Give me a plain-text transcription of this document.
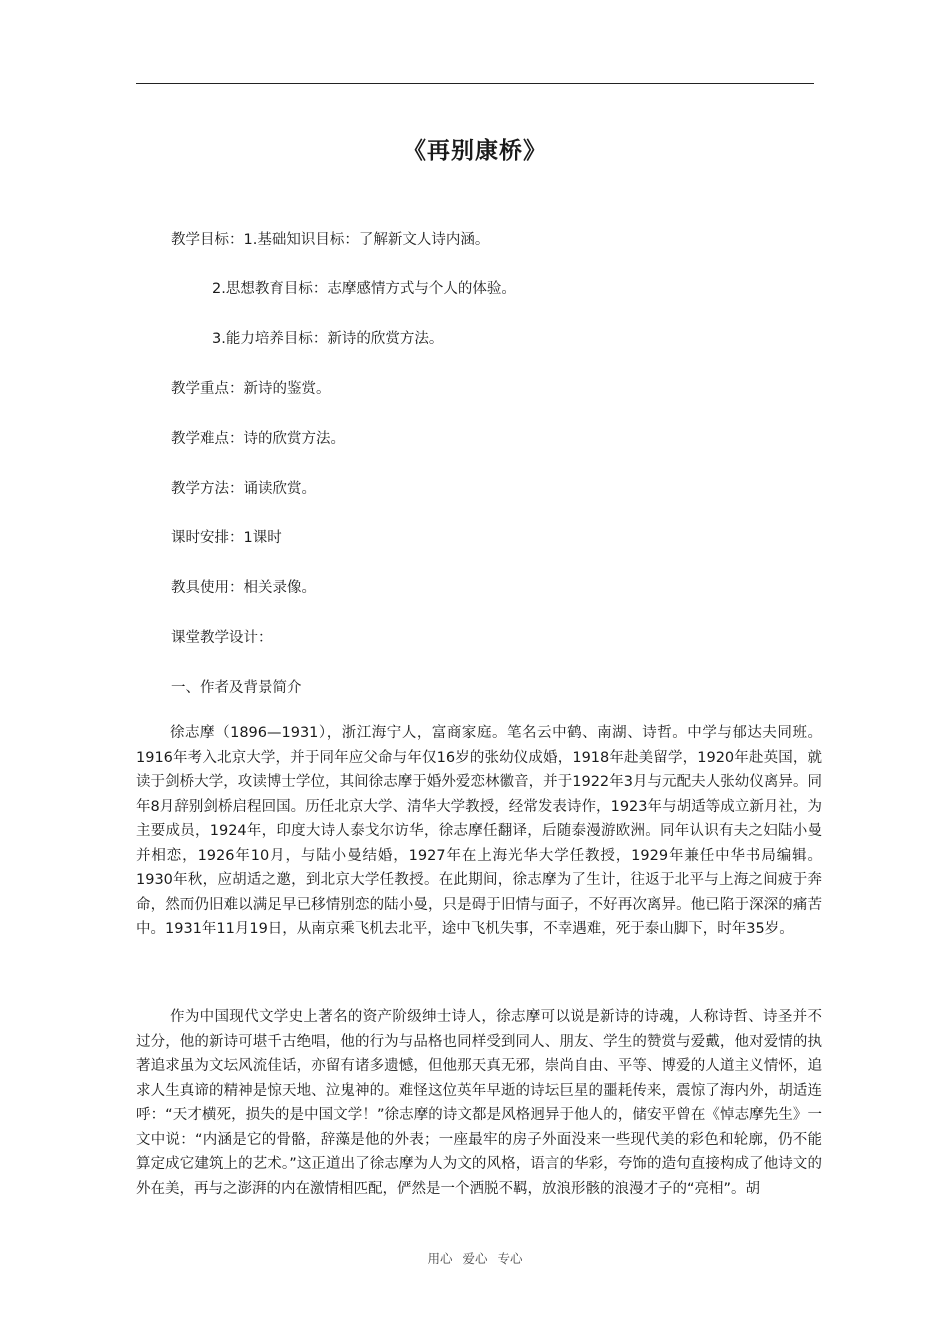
《再别康桥》
教学目标：1.基础知识目标：了解新文人诗内涵。
2.思想教育目标：志摩感情方式与个人的体验。
3.能力培养目标：新诗的欣赏方法。
教学重点：新诗的鉴赏。
教学难点：诗的欣赏方法。
教学方法：诵读欣赏。
课时安排：1课时
教具使用：相关录像。
课堂教学设计：
一、作者及背景简介

徐志摩（1896—1931），浙江海宁人，富商家庭。笔名云中鹤、南湖、诗哲。中学与郁达夫同班。1916年考入北京大学，并于同年应父命与年仅16岁的张幼仪成婚，1918年赴美留学，1920年赴英国，就读于剑桥大学，攻读博士学位，其间徐志摩于婚外爱恋林徽音，并于1922年3月与元配夫人张幼仪离异。同年8月辞别剑桥启程回国。历任北京大学、清华大学教授，经常发表诗作，1923年与胡适等成立新月社，为主要成员，1924年，印度大诗人泰戈尔访华，徐志摩任翻译，后随泰漫游欧洲。同年认识有夫之妇陆小曼并相恋，1926年10月，与陆小曼结婚，1927年在上海光华大学任教授，1929年兼任中华书局编辑。1930年秋，应胡适之邀，到北京大学任教授。在此期间，徐志摩为了生计，往返于北平与上海之间疲于奔命，然而仍旧难以满足早已移情别恋的陆小曼，只是碍于旧情与面子，不好再次离异。他已陷于深深的痛苦中。1931年11月19日，从南京乘飞机去北平，途中飞机失事，不幸遇难，死于泰山脚下，时年35岁。

作为中国现代文学史上著名的资产阶级绅士诗人，徐志摩可以说是新诗的诗魂，人称诗哲、诗圣并不过分，他的新诗可堪千古绝唱，他的行为与品格也同样受到同人、朋友、学生的赞赏与爱戴，他对爱情的执著追求虽为文坛风流佳话，亦留有诸多遗憾，但他那天真无邪，崇尚自由、平等、博爱的人道主义情怀，追求人生真谛的精神是惊天地、泣鬼神的。难怪这位英年早逝的诗坛巨星的噩耗传来，震惊了海内外，胡适连呼：“天才横死，损失的是中国文学！”徐志摩的诗文都是风格迥异于他人的，储安平曾在《悼志摩先生》一文中说：“内涵是它的骨骼，辞藻是他的外表；一座最牢的房子外面没来一些现代美的彩色和轮廓，仍不能算定成它建筑上的艺术。”这正道出了徐志摩为人为文的风格，语言的华彩，夸饰的造句直接构成了他诗文的外在美，再与之澎湃的内在激情相匹配，俨然是一个洒脱不羁，放浪形骸的浪漫才子的“亮相”。胡

用心 爱心 专心
